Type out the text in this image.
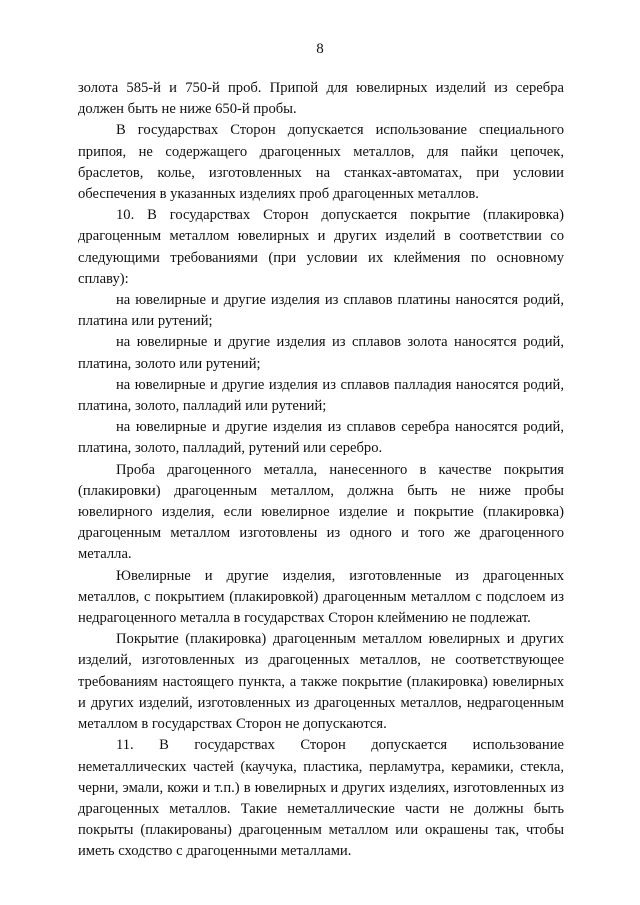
8

золота 585-й и 750-й проб. Припой для ювелирных изделий из серебра должен быть не ниже 650-й пробы.

В государствах Сторон допускается использование специального припоя, не содержащего драгоценных металлов, для пайки цепочек, браслетов, колье, изготовленных на станках-автоматах, при условии обеспечения в указанных изделиях проб драгоценных металлов.

10. В государствах Сторон допускается покрытие (плакировка) драгоценным металлом ювелирных и других изделий в соответствии со следующими требованиями (при условии их клеймения по основному сплаву):

на ювелирные и другие изделия из сплавов платины наносятся родий, платина или рутений;

на ювелирные и другие изделия из сплавов золота наносятся родий, платина, золото или рутений;

на ювелирные и другие изделия из сплавов палладия наносятся родий, платина, золото, палладий или рутений;

на ювелирные и другие изделия из сплавов серебра наносятся родий, платина, золото, палладий, рутений или серебро.

Проба драгоценного металла, нанесенного в качестве покрытия (плакировки) драгоценным металлом, должна быть не ниже пробы ювелирного изделия, если ювелирное изделие и покрытие (плакировка) драгоценным металлом изготовлены из одного и того же драгоценного металла.

Ювелирные и другие изделия, изготовленные из драгоценных металлов, с покрытием (плакировкой) драгоценным металлом с подслоем из недрагоценного металла в государствах Сторон клеймению не подлежат.

Покрытие (плакировка) драгоценным металлом ювелирных и других изделий, изготовленных из драгоценных металлов, не соответствующее требованиям настоящего пункта, а также покрытие (плакировка) ювелирных и других изделий, изготовленных из драгоценных металлов, недрагоценным металлом в государствах Сторон не допускаются.

11. В государствах Сторон допускается использование неметаллических частей (каучука, пластика, перламутра, керамики, стекла, черни, эмали, кожи и т.п.) в ювелирных и других изделиях, изготовленных из драгоценных металлов. Такие неметаллические части не должны быть покрыты (плакированы) драгоценным металлом или окрашены так, чтобы иметь сходство с драгоценными металлами.
